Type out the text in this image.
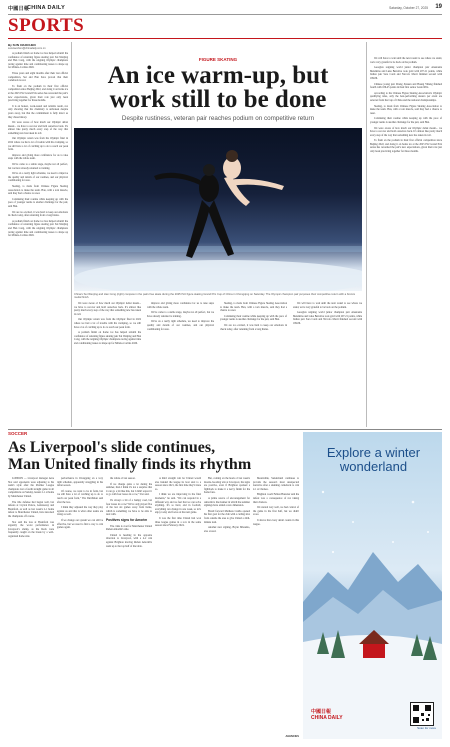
中國日報
CHINA DAILY	Saturday, October 27, 2025 19
SPORTS
By SUN XIAOCHEN
sunxiaochen@chinadaily.com.cn

A podium finish on home ice has helped rebuild the confidence of returning figure skating pair Sui Wenjing and Han Cong, with the reigning Olympic champions racing against time and conditioning issues to shape up for Milano-Cortina 2026.

Three years and eight months after their last official competition, Sui and Han have proved that their comeback is real.

To flash on the podium in their first official competition since Beijing 2022, and doing it on home ice at the 2025 ISU Grand Prix series has rewarded the pair's new expectations, given their role just only been practicing together for three months.

It is an honest, work-tested and reliable result, not only showing that the chemistry is unbroken despite years away, but that the commitment is fully intact as they chase history.

We were aware of how much our Olympic debut meant... we have to recover and hold ourselves back. It's almost like pretty much every step of the way that something new has taken its toll.

Our Olympic return was from the Olympic final in 2022 where we had a lot of trouble with his cramping, so we still have a lot of catching up to do to reach our peak form.

improve and giving more confidence for us to take steps with the whole team.

We've come to a stable stage, maybe not all perfect, but we have already returned to training.

We're on a really tight schedule, we need to improve the quality and details of our routines, and our physical conditioning for sure.

Skating, to mark from Chinese Figure Skating Association to make the team. Han, with a torn muscle, said they had a chance to reset.

Continuing their routine while keeping up with the pace of younger teams is another challenge for the pair, said Han.

We are too excited, it was hard to keep our emotions in check today, after returning from a long hiatus.

A podium finish on home ice has helped rebuild the confidence of returning figure skating pair Sui Wenjing and Han Cong, with the reigning Olympic champions racing against time and conditioning issues to shape up for Milano-Cortina 2026.

FIGURE SKATING
An ice warm-up, but
work still to be done
Despite rustiness, veteran pair reaches podium on competitive return
China's Sui Wenjing and Han Cong (right) compete in the pairs free skate during the 2025 ISU figure skating Grand Prix Cup of China in Chongqing on Saturday. The Olympic champion pair purposes their competitive return with a bronze medal finish.

We were aware of how much our Olympic debut meant... we have to recover and hold ourselves back. It's almost like pretty much every step of the way that something new has taken its toll.

Our Olympic return was from the Olympic final in 2022 where we had a lot of trouble with his cramping, so we still have a lot of catching up to do to reach our peak form.

A podium finish on home ice has helped rebuild the confidence of returning figure skating pair Sui Wenjing and Han Cong, with the reigning Olympic champions racing against time and conditioning issues to shape up for Milano-Cortina 2026.

improve and giving more confidence for us to take steps with the whole team.

We've come to a stable stage, maybe not all perfect, but we have already returned to training.

We're on a really tight schedule, we need to improve the quality and details of our routines, and our physical conditioning for sure.

Skating, to mark from Chinese Figure Skating Association to make the team. Han, with a torn muscle, said they had a chance to reset.

Continuing their routine while keeping up with the pace of younger teams is another challenge for the pair, said Han.

We are too excited, it was hard to keep our emotions in check today, after returning from a long hiatus.

We will have to wait until the next round to see where we stand, we're very grateful to be back on the podium.

Georgian reigning world junior champion pair Anastasiia Metelkina and Luka Berulava took gold with 207.21 points, while Italian pair Sara Conti and Niccolo Macii finished second with 199.86.

We will have to wait until the next round to see where we stand, we're very grateful to be back on the podium.

Georgian reigning world junior champion pair Anastasiia Metelkina and Luka Berulava took gold with 207.21 points, while Italian pair Sara Conti and Niccolo Macii finished second with 199.86.

Chinese young pair Zhang Jiaxuan and Huang Yihang finished fourth with 186.45 points in their first senior Grand Prix.

According to the Chinese Figure Skating Association's Olympic qualifying rules, only the best-performing skaters per event are selected from the Cup of China and the national championships.

Skating, to mark from Chinese Figure Skating Association to make the team. Han, with a torn muscle, said they had a chance to reset.

Continuing their routine while keeping up with the pace of younger teams is another challenge for the pair, said Han.

We were aware of how much our Olympic debut meant... we have to recover and hold ourselves back. It's almost like pretty much every step of the way that something new has taken its toll.

To flash on the podium in their first official competition since Beijing 2022, and doing it on home ice at the 2025 ISU Grand Prix series has rewarded the pair's new expectations, given their role just only been practicing together for three months.

SOCCER
As Liverpool's slide continues,
Man United finally finds its rhythm

LONDON — Liverpool manager Arne Slot said opponents were adjusting to his team's style after the Premier League champions lost a fourth straight game in all competitions on Sunday, beaten 2-1 at home by Manchester United.

The title defense had begun well, but defeats at Crystal Palace, Galatasaray and Brentford, as well as last week's 2-1 home defeat to Manchester United, have knocked the champions off course.

Slot said the loss at Brentford was arguably the worst performance in Liverpool's slump, as the Reds were frequently caught on the break by a well-organized home side.

performance in Chongqing on a very tight schedule, apparently struggling in his debut season.

Of course, we want to be in form, but we still have a lot of catching up to do to reach our peak form," The Dutchman said after the loss.

I think they adjusted the way they play against us and that is what other teams are doing as well.

If we change our system we can still be effective, but we need to find a way to win games again.

the whole of last season.

If we change quite a lot during the summer, then I think it's not a surprise that it can go a bit like this, but I didn't expect it to go with four losses in a row," Slot said.

It's always a bit of a bumpy road, but four losses in a row? We've only played five of the last six games away from home, which is something we have to be able to deal with.

Positives signs for Amorim

The crisis is over for Manchester United Ruben Amorim's side.

United is heading in the opposite direction to Liverpool, with a 4-2 win against Brighton moving Ruben Amorim's team up to the top half of the table.

A third straight win for United would also handed the league its best start to a season since 2021, the first time they'd done so.

I think we are improving in the final moments," he said. "We can respond in a different way and we feel that we can solve anything. It's so hard, and in football, everything can change in one week, so let's enjoy today and focus on the next game.

It was the first time United had won three league games in a row in the same season since February 2024.

But, coming on the heels of last week's morale-boosting win at Liverpool, the signs are positive, even if Brighton sparked a fightback to make it a nervy finish for the home fans.

A prime source of encouragement for Amorim is the manner in which the summer signings have added a new dimension.

Brazil forward Matheus Cunha opened his first goal for the club with a curling shot from outside the area to give United a 24th-minute lead.

Another new signing, Bryan Mbeumo, also scored.

Meanwhile, Sunderland continues to provide the season's most unexpected narrative after a stunning comeback to win 2-1 at Chelsea.

Brighton coach Fabian Hurzeler said the defeat was a consequence of not taking their chances.

We started very well, we had control of the game in the first half, but we didn't score.

It shows that every detail counts in this league.

AGENCIES
Explore a winter
wonderland
中國日報
CHINA DAILY
Scan for more
